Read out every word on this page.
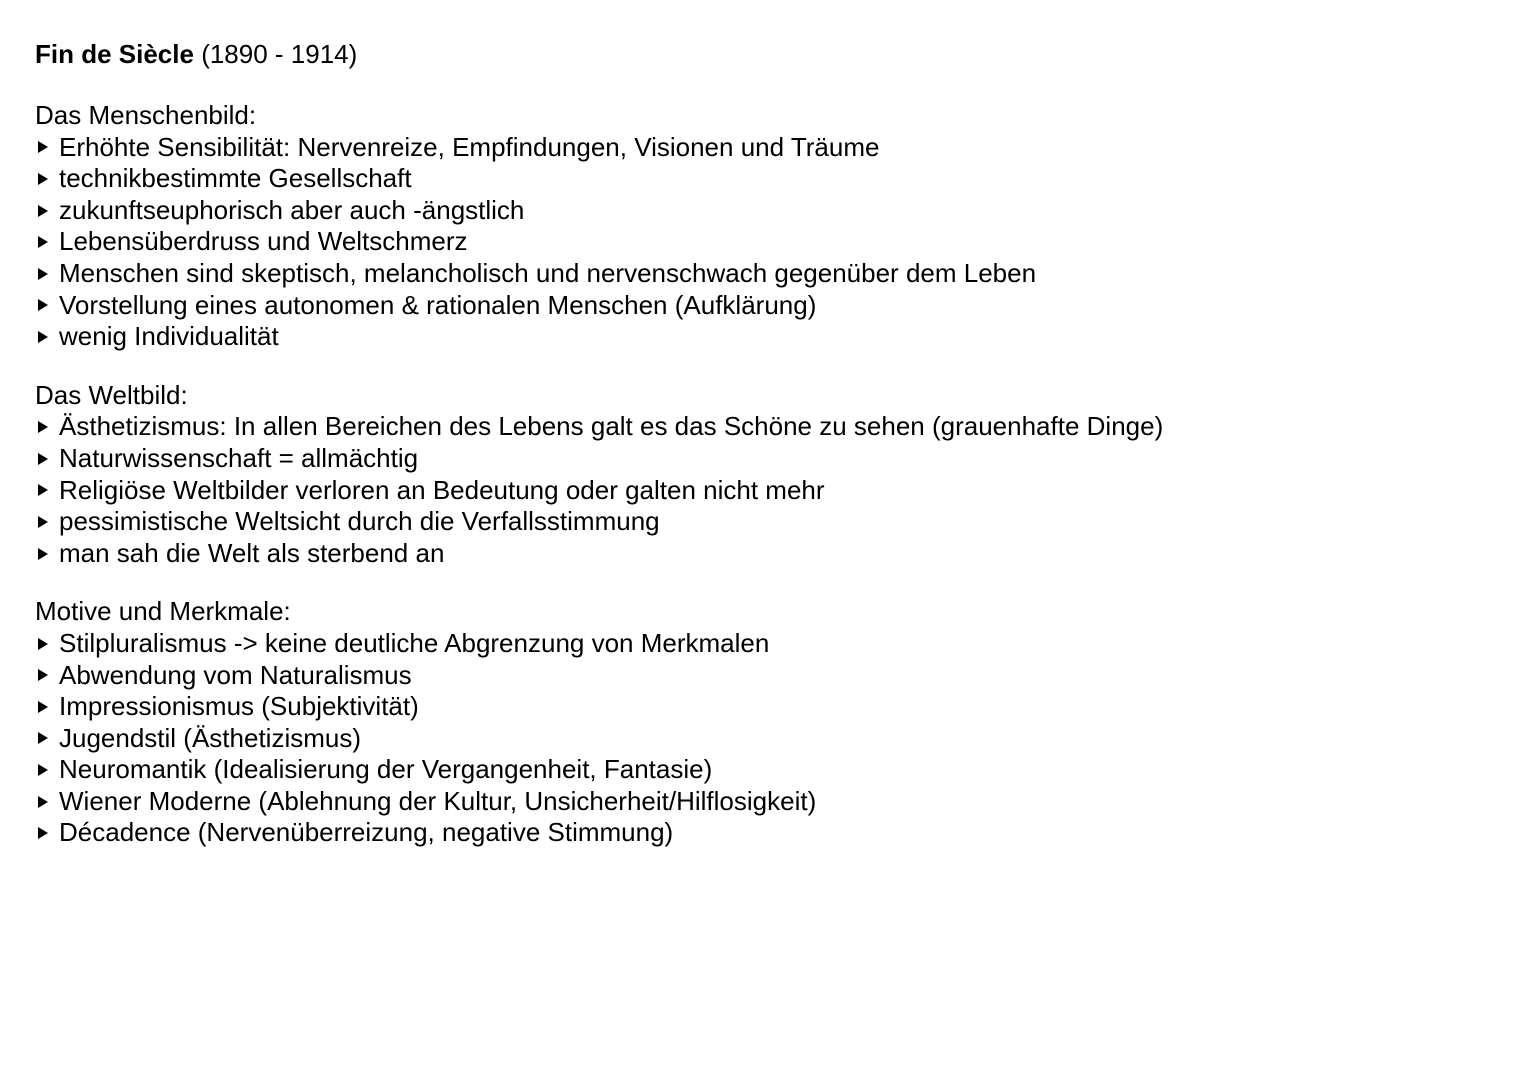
Fin de Siècle (1890 - 1914)
Das Menschenbild:
Erhöhte Sensibilität: Nervenreize, Empfindungen, Visionen und Träume
technikbestimmte Gesellschaft
zukunftseuphorisch aber auch -ängstlich
Lebensüberdruss und Weltschmerz
Menschen sind skeptisch, melancholisch und nervenschwach gegenüber dem Leben
Vorstellung eines autonomen & rationalen Menschen (Aufklärung)
wenig Individualität
Das Weltbild:
Ästhetizismus: In allen Bereichen des Lebens galt es das Schöne zu sehen (grauenhafte Dinge)
Naturwissenschaft = allmächtig
Religiöse Weltbilder verloren an Bedeutung oder galten nicht mehr
pessimistische Weltsicht durch die Verfallsstimmung
man sah die Welt als sterbend an
Motive und Merkmale:
Stilpluralismus -> keine deutliche Abgrenzung von Merkmalen
Abwendung vom Naturalismus
Impressionismus (Subjektivität)
Jugendstil (Ästhetizismus)
Neuromantik (Idealisierung der Vergangenheit, Fantasie)
Wiener Moderne (Ablehnung der Kultur, Unsicherheit/Hilflosigkeit)
Décadence (Nervenüberreizung, negative Stimmung)
